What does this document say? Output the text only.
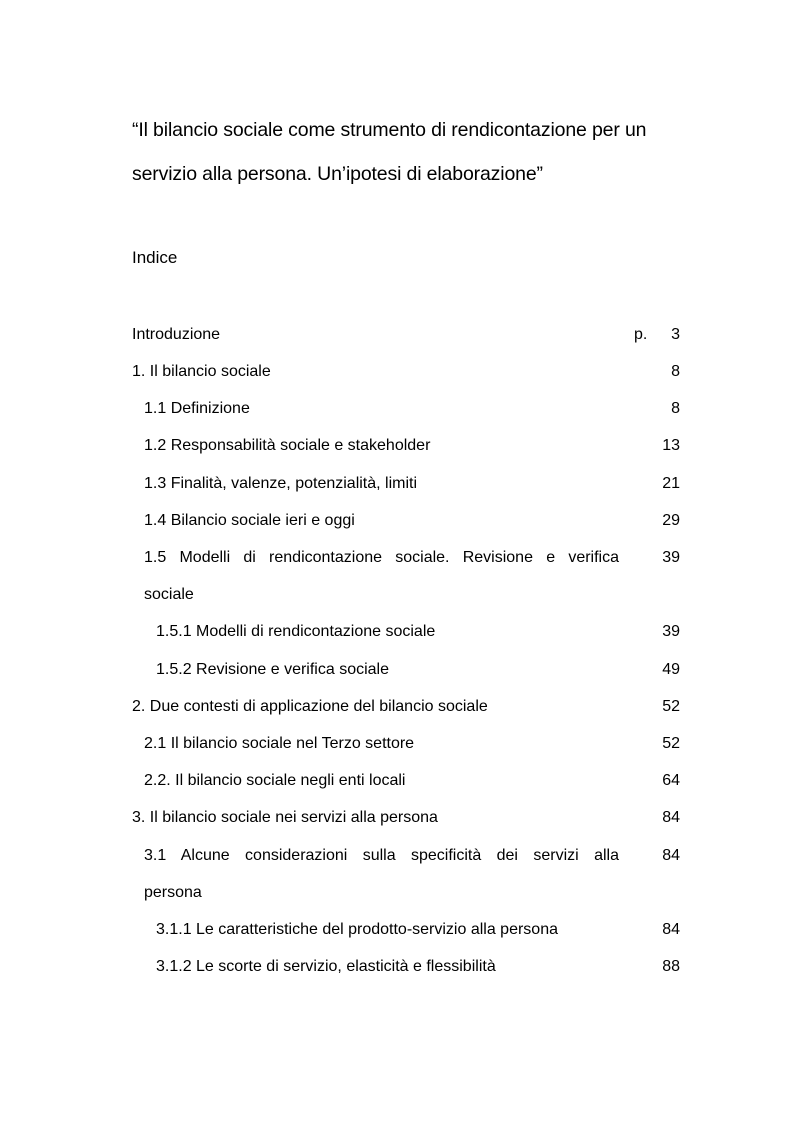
“Il bilancio sociale come strumento di rendicontazione per un
servizio alla persona. Un’ipotesi di elaborazione”
Indice
Introduzione	p. 3
1. Il bilancio sociale	8
1.1 Definizione	8
1.2 Responsabilità sociale e stakeholder	13
1.3 Finalità, valenze, potenzialità, limiti	21
1.4 Bilancio sociale ieri e oggi	29
1.5 Modelli di rendicontazione sociale. Revisione e verifica	39
sociale
1.5.1 Modelli di rendicontazione sociale	39
1.5.2 Revisione e verifica sociale	49
2. Due contesti di applicazione del bilancio sociale	52
2.1 Il bilancio sociale nel Terzo settore	52
2.2. Il bilancio sociale negli enti locali	64
3. Il bilancio sociale nei servizi alla persona	84
3.1 Alcune considerazioni sulla specificità dei servizi alla	84
persona
3.1.1 Le caratteristiche del prodotto-servizio alla persona	84
3.1.2 Le scorte di servizio, elasticità e flessibilità	88
